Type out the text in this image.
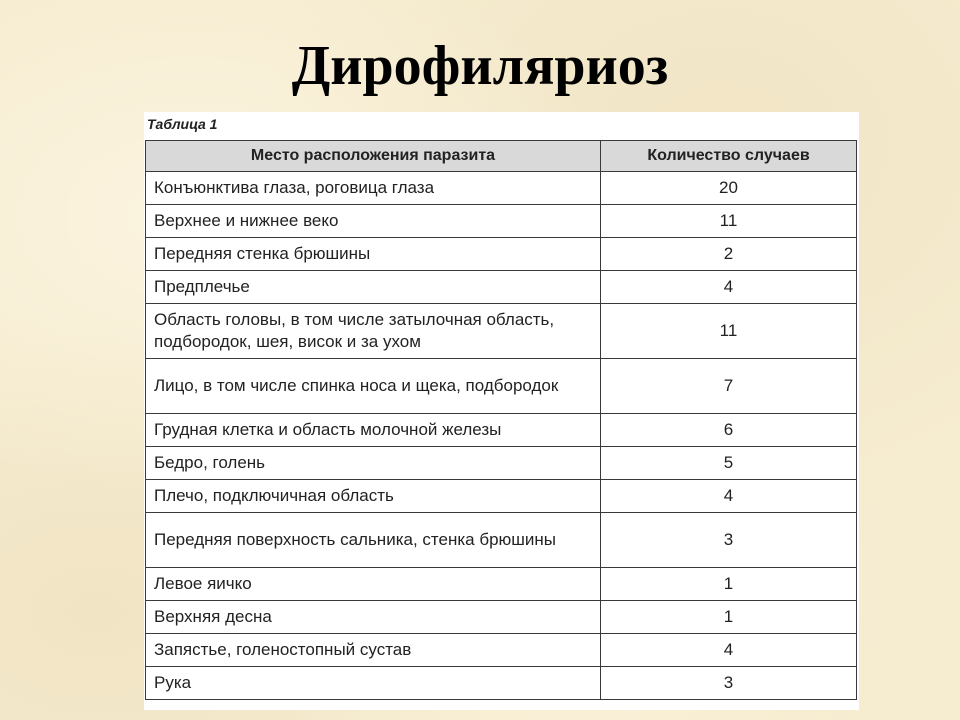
Дирофиляриоз
Таблица 1
Место расположения паразита	Количество случаев
Конъюнктива глаза, роговица глаза	20
Верхнее и нижнее веко	11
Передняя стенка брюшины	2
Предплечье	4
Область головы, в том числе затылочная область, подбородок, шея, висок и за ухом	11
Лицо, в том числе спинка носа и щека, подбородок	7
Грудная клетка и область молочной железы	6
Бедро, голень	5
Плечо, подключичная область	4
Передняя поверхность сальника, стенка брюшины	3
Левое яичко	1
Верхняя десна	1
Запястье, голеностопный сустав	4
Рука	3
